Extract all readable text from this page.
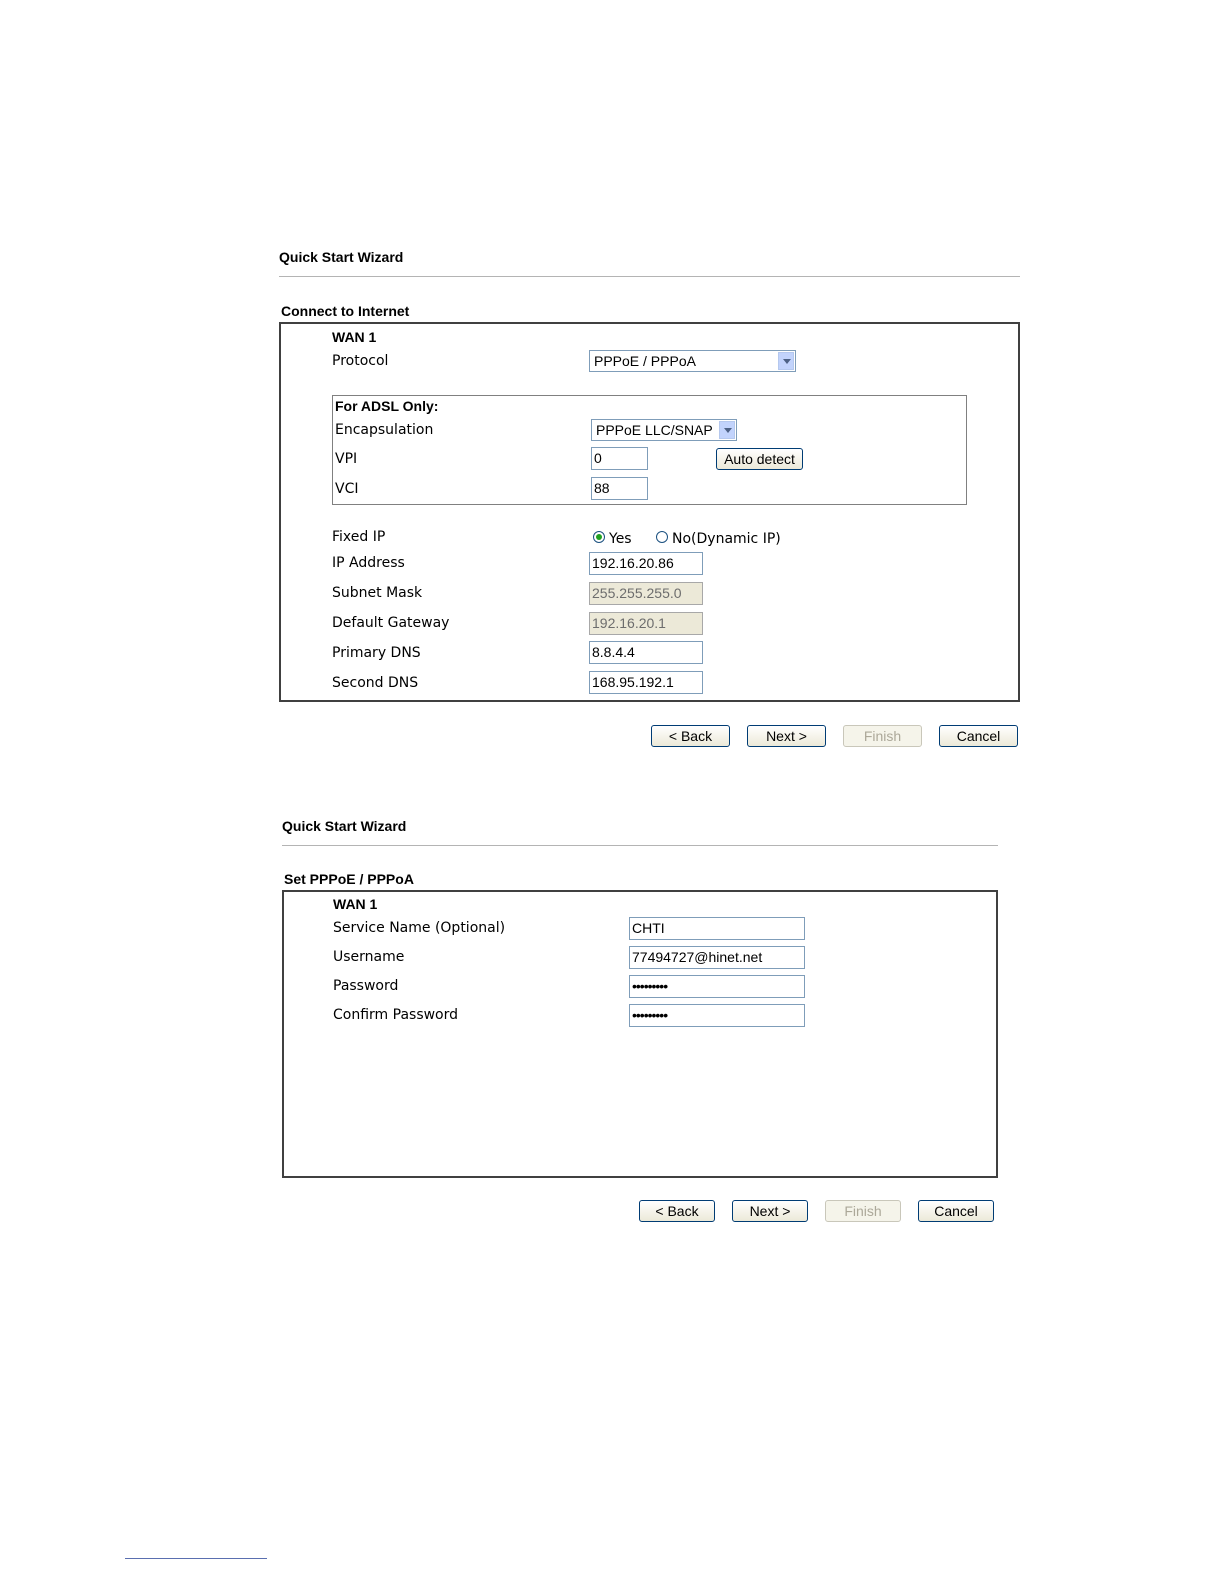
Quick Start Wizard
Connect to Internet
WAN 1
Protocol	PPPoE / PPPoA
For ADSL Only:
Encapsulation	PPPoE LLC/SNAP
VPI	0	Auto detect
VCI	88
Fixed IP	Yes	No(Dynamic IP)
IP Address	192.16.20.86
Subnet Mask	255.255.255.0
Default Gateway	192.16.20.1
Primary DNS	8.8.4.4
Second DNS	168.95.192.1
< Back	Next >	Finish	Cancel
Quick Start Wizard
Set PPPoE / PPPoA
WAN 1
Service Name (Optional)	CHTI
Username	77494727@hinet.net
Password	•••••••••
Confirm Password	•••••••••
< Back	Next >	Finish	Cancel
